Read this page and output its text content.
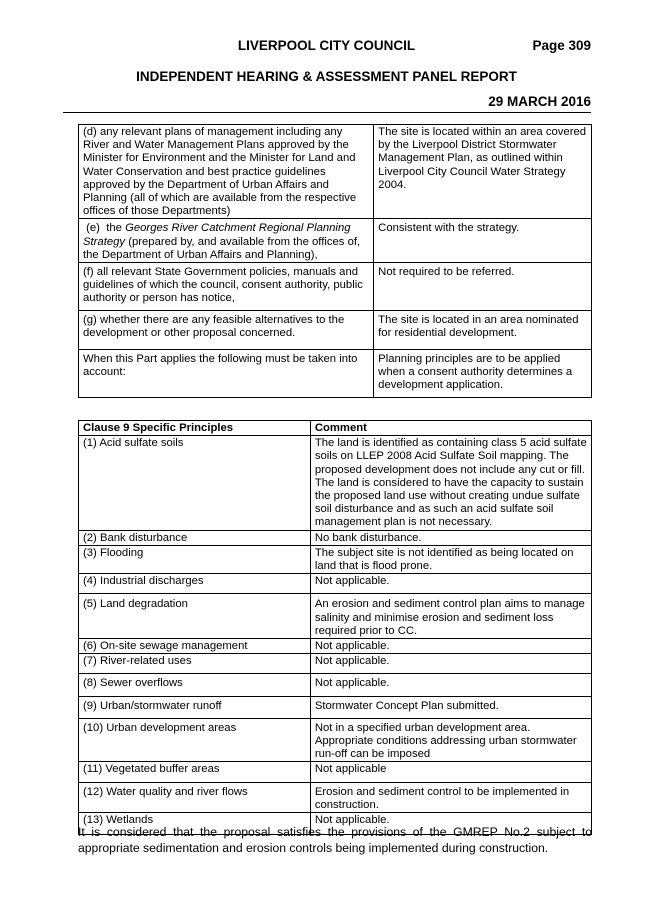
LIVERPOOL CITY COUNCIL	Page 309
INDEPENDENT HEARING & ASSESSMENT PANEL REPORT
29 MARCH 2016
(d) any relevant plans of management including any River and Water Management Plans approved by the Minister for Environment and the Minister for Land and Water Conservation and best practice guidelines approved by the Department of Urban Affairs and Planning (all of which are available from the respective offices of those Departments)	The site is located within an area covered by the Liverpool District Stormwater Management Plan, as outlined within Liverpool City Council Water Strategy 2004.
(e)  the Georges River Catchment Regional Planning Strategy (prepared by, and available from the offices of, the Department of Urban Affairs and Planning),	Consistent with the strategy.
(f) all relevant State Government policies, manuals and guidelines of which the council, consent authority, public authority or person has notice,	Not required to be referred.
(g) whether there are any feasible alternatives to the development or other proposal concerned.	The site is located in an area nominated for residential development.
When this Part applies the following must be taken into account:	Planning principles are to be applied when a consent authority determines a development application.
Clause 9 Specific Principles	Comment
(1) Acid sulfate soils	The land is identified as containing class 5 acid sulfate soils on LLEP 2008 Acid Sulfate Soil mapping. The proposed development does not include any cut or fill. The land is considered to have the capacity to sustain the proposed land use without creating undue sulfate soil disturbance and as such an acid sulfate soil management plan is not necessary.
(2) Bank disturbance	No bank disturbance.
(3) Flooding	The subject site is not identified as being located on land that is flood prone.
(4) Industrial discharges	Not applicable.
(5) Land degradation	An erosion and sediment control plan aims to manage salinity and minimise erosion and sediment loss required prior to CC.
(6) On-site sewage management	Not applicable.
(7) River-related uses	Not applicable.
(8) Sewer overflows	Not applicable.
(9) Urban/stormwater runoff	Stormwater Concept Plan submitted.
(10) Urban development areas	Not in a specified urban development area. Appropriate conditions addressing urban stormwater run-off can be imposed
(11) Vegetated buffer areas	Not applicable
(12) Water quality and river flows	Erosion and sediment control to be implemented in construction.
(13) Wetlands	Not applicable.
It is considered that the proposal satisfies the provisions of the GMREP No.2 subject to appropriate sedimentation and erosion controls being implemented during construction.
